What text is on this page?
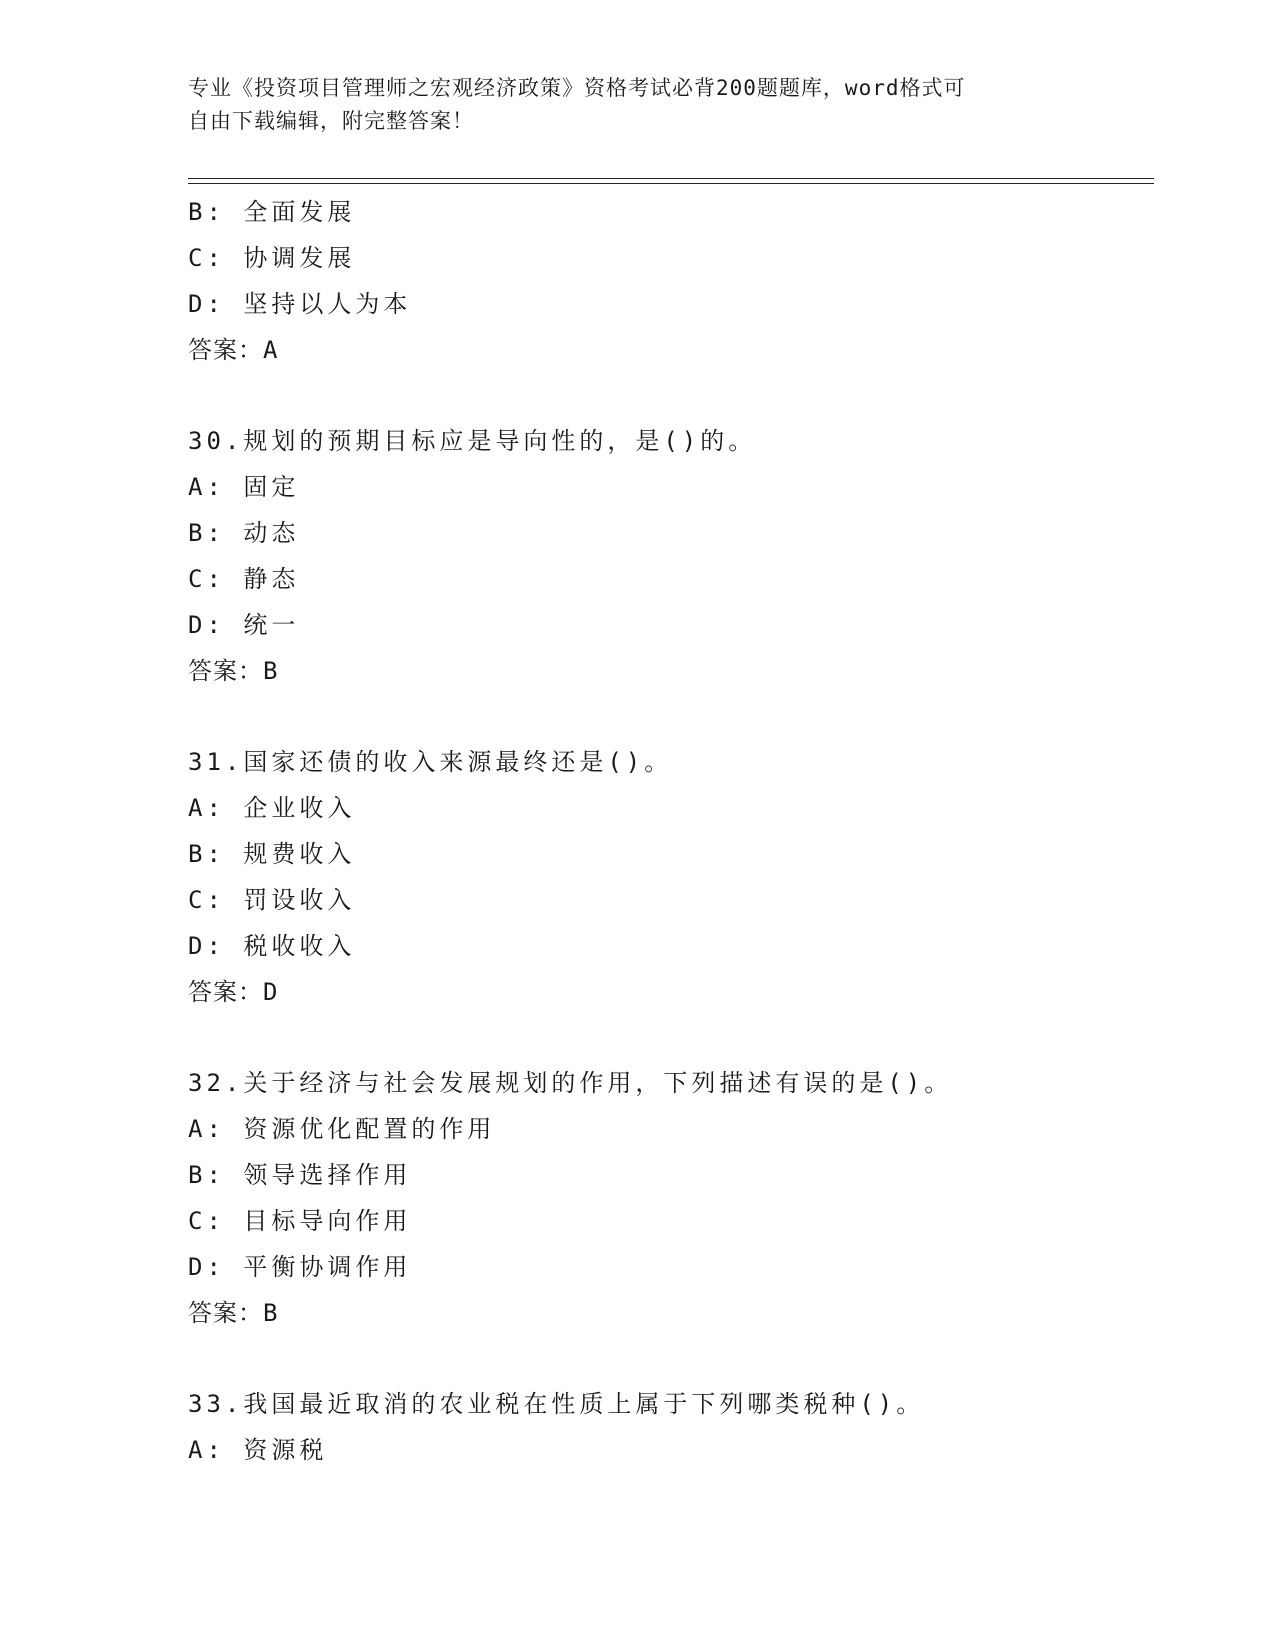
专业《投资项目管理师之宏观经济政策》资格考试必背200题题库，word格式可
自由下载编辑，附完整答案！
B: 全面发展
C: 协调发展
D: 坚持以人为本
答案：A
30.规划的预期目标应是导向性的，是()的。
A: 固定
B: 动态
C: 静态
D: 统一
答案：B
31.国家还债的收入来源最终还是()。
A: 企业收入
B: 规费收入
C: 罚设收入
D: 税收收入
答案：D
32.关于经济与社会发展规划的作用，下列描述有误的是()。
A: 资源优化配置的作用
B: 领导选择作用
C: 目标导向作用
D: 平衡协调作用
答案：B
33.我国最近取消的农业税在性质上属于下列哪类税种()。
A: 资源税
